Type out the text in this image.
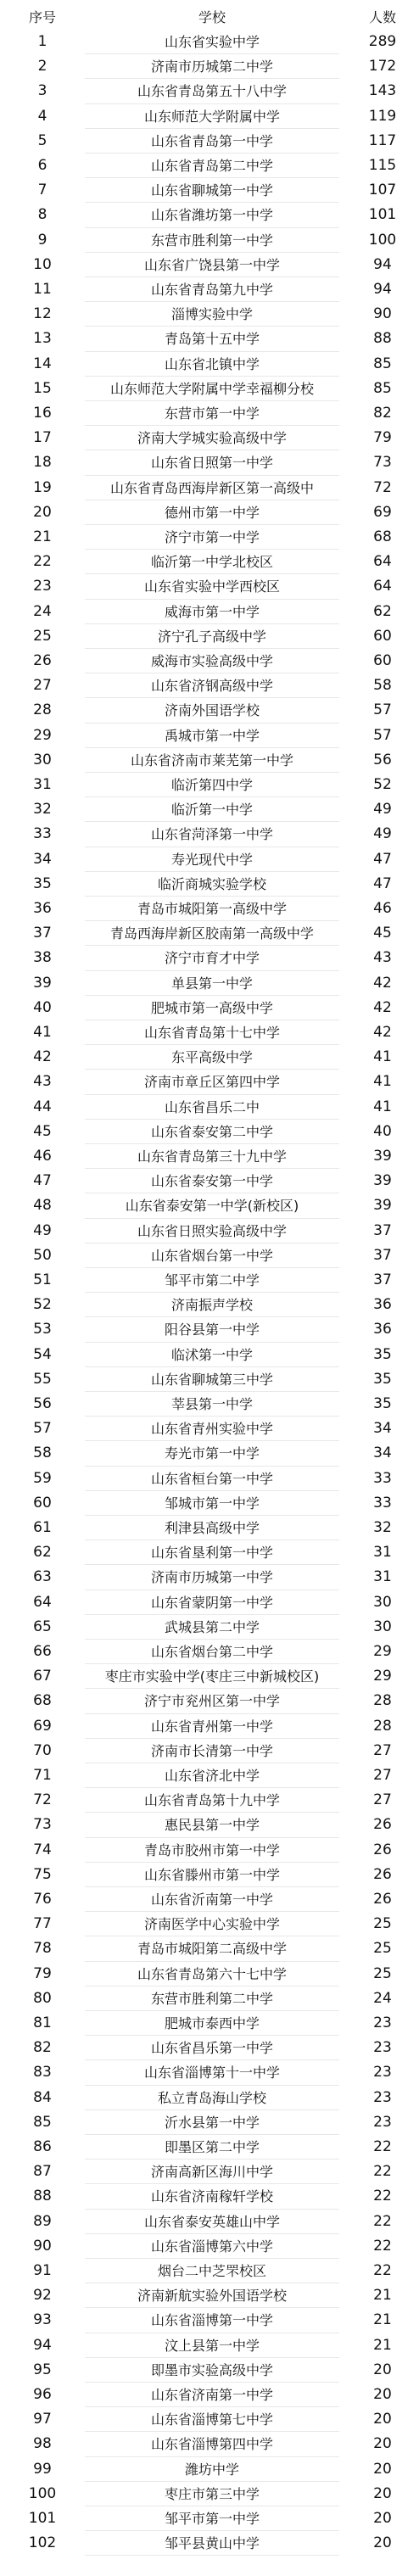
序号	学校	人数
1	山东省实验中学	289
2	济南市历城第二中学	172
3	山东省青岛第五十八中学	143
4	山东师范大学附属中学	119
5	山东省青岛第一中学	117
6	山东省青岛第二中学	115
7	山东省聊城第一中学	107
8	山东省潍坊第一中学	101
9	东营市胜利第一中学	100
10	山东省广饶县第一中学	94
11	山东省青岛第九中学	94
12	淄博实验中学	90
13	青岛第十五中学	88
14	山东省北镇中学	85
15	山东师范大学附属中学幸福柳分校	85
16	东营市第一中学	82
17	济南大学城实验高级中学	79
18	山东省日照第一中学	73
19	山东省青岛西海岸新区第一高级中	72
20	德州市第一中学	69
21	济宁市第一中学	68
22	临沂第一中学北校区	64
23	山东省实验中学西校区	64
24	威海市第一中学	62
25	济宁孔子高级中学	60
26	威海市实验高级中学	60
27	山东省济钢高级中学	58
28	济南外国语学校	57
29	禹城市第一中学	57
30	山东省济南市莱芜第一中学	56
31	临沂第四中学	52
32	临沂第一中学	49
33	山东省菏泽第一中学	49
34	寿光现代中学	47
35	临沂商城实验学校	47
36	青岛市城阳第一高级中学	46
37	青岛西海岸新区胶南第一高级中学	45
38	济宁市育才中学	43
39	单县第一中学	42
40	肥城市第一高级中学	42
41	山东省青岛第十七中学	42
42	东平高级中学	41
43	济南市章丘区第四中学	41
44	山东省昌乐二中	41
45	山东省泰安第二中学	40
46	山东省青岛第三十九中学	39
47	山东省泰安第一中学	39
48	山东省泰安第一中学(新校区)	39
49	山东省日照实验高级中学	37
50	山东省烟台第一中学	37
51	邹平市第二中学	37
52	济南振声学校	36
53	阳谷县第一中学	36
54	临沭第一中学	35
55	山东省聊城第三中学	35
56	莘县第一中学	35
57	山东省青州实验中学	34
58	寿光市第一中学	34
59	山东省桓台第一中学	33
60	邹城市第一中学	33
61	利津县高级中学	32
62	山东省垦利第一中学	31
63	济南市历城第一中学	31
64	山东省蒙阴第一中学	30
65	武城县第二中学	30
66	山东省烟台第二中学	29
67	枣庄市实验中学(枣庄三中新城校区)	29
68	济宁市兖州区第一中学	28
69	山东省青州第一中学	28
70	济南市长清第一中学	27
71	山东省济北中学	27
72	山东省青岛第十九中学	27
73	惠民县第一中学	26
74	青岛市胶州市第一中学	26
75	山东省滕州市第一中学	26
76	山东省沂南第一中学	26
77	济南医学中心实验中学	25
78	青岛市城阳第二高级中学	25
79	山东省青岛第六十七中学	25
80	东营市胜利第二中学	24
81	肥城市泰西中学	23
82	山东省昌乐第一中学	23
83	山东省淄博第十一中学	23
84	私立青岛海山学校	23
85	沂水县第一中学	23
86	即墨区第二中学	22
87	济南高新区海川中学	22
88	山东省济南稼轩学校	22
89	山东省泰安英雄山中学	22
90	山东省淄博第六中学	22
91	烟台二中芝罘校区	22
92	济南新航实验外国语学校	21
93	山东省淄博第一中学	21
94	汶上县第一中学	21
95	即墨市实验高级中学	20
96	山东省济南第一中学	20
97	山东省淄博第七中学	20
98	山东省淄博第四中学	20
99	潍坊中学	20
100	枣庄市第三中学	20
101	邹平市第一中学	20
102	邹平县黄山中学	20
